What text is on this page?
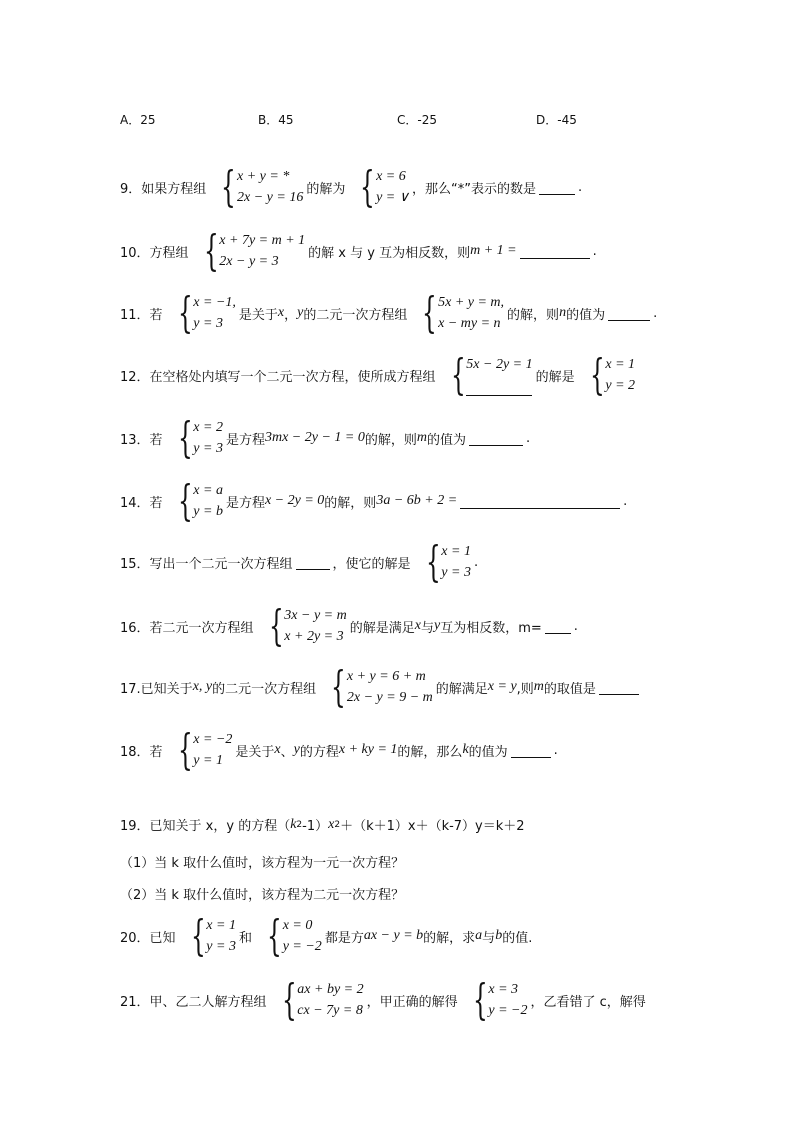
A．25	B．45	C．-25	D．-45
9．如果方程组 { x + y = *
2x − y = 16
的解为 { x = 6
y = ∨
，那么“*”表示的数是	.
10．方程组 { x + 7y = m + 1
2x − y = 3
的解 x 与 y 互为相反数，则 m + 1 =	.
11．若 { x = −1,
y = 3
是关于 x ， y 的二元一次方程组 { 5x + y = m,
x − my = n
的解，则 n 的值为	.
12．在空格处内填写一个二元一次方程，使所成方程组 { 5x − 2y = 1
的解是 { x = 1
y = 2
13．若 { x = 2
y = 3
是方程 3mx − 2y − 1 = 0 的解，则 m 的值为	.
14．若 { x = a
y = b
是方程 x − 2y = 0 的解，则 3a − 6b + 2 =	.
15．写出一个二元一次方程组	，使它的解是 { x = 1
y = 3
.
16．若二元一次方程组 { 3x − y = m
x + 2y = 3
的解是满足 x 与 y 互为相反数，m= .
17.已知关于 x, y 的二元一次方程组 { x + y = 6 + m
2x − y = 9 − m
的解满足 x = y ,则 m 的取值是
18．若 { x = −2
y = 1
是关于 x 、 y 的方程 x + ky = 1 的解，那么 k 的值为	.
19．已知关于 x，y 的方程（ k 2 -1） x 2 ＋（k＋1）x＋（k-7）y＝k＋2
（1）当 k 取什么值时，该方程为一元一次方程？
（2）当 k 取什么值时，该方程为二元一次方程？
20．已知 { x = 1
y = 3
和 { x = 0
y = −2
都是方 ax − y = b 的解，求 a 与 b 的值.
21．甲、乙二人解方程组 { ax + by = 2
cx − 7y = 8
，甲正确的解得 { x = 3
y = −2
，乙看错了 c，解得
